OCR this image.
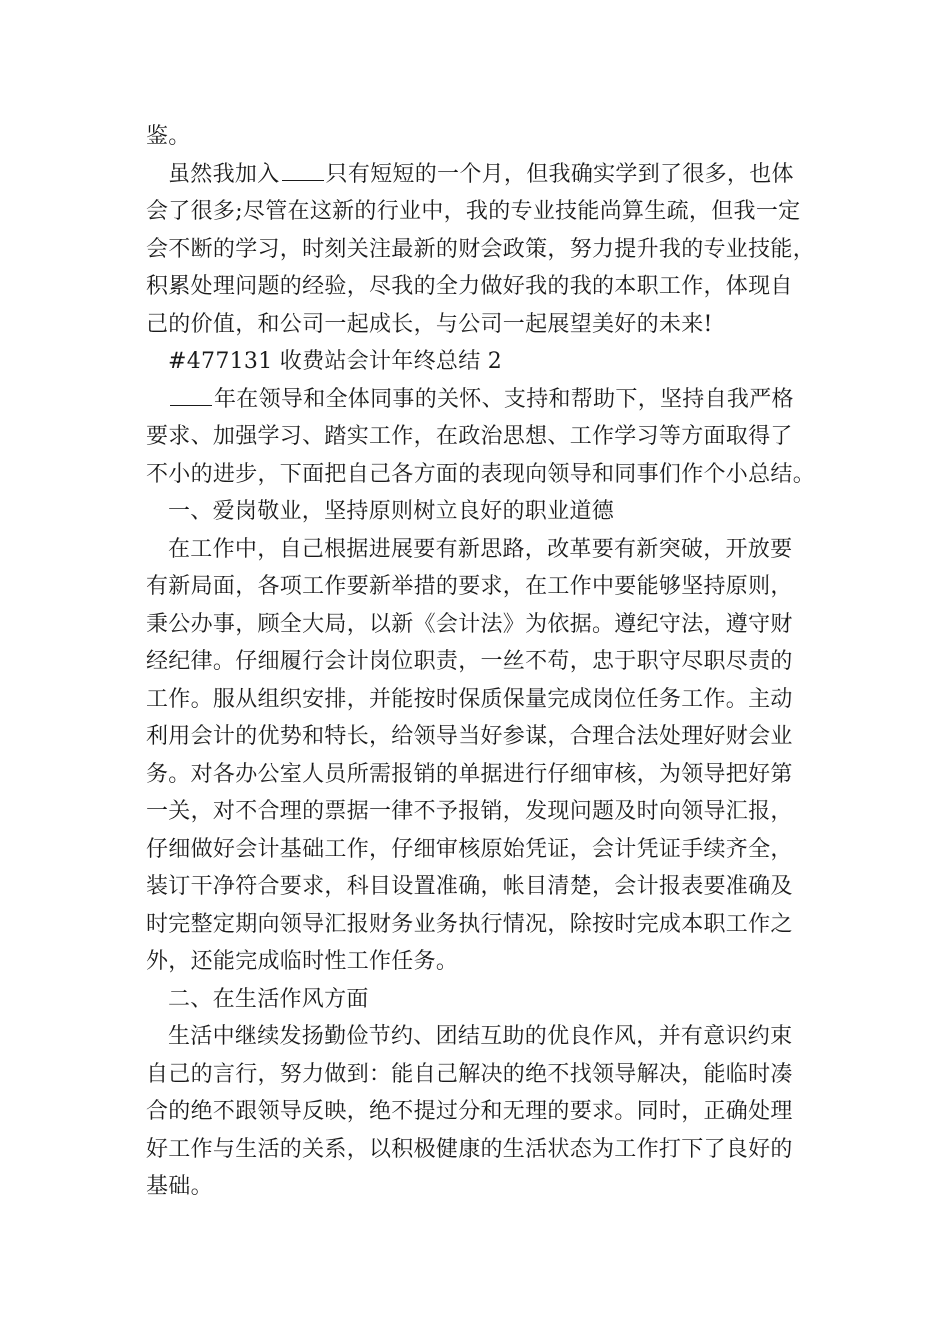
鉴。
虽然我加入 只有短短的一个月，但我确实学到了很多，也体
会了很多;尽管在这新的行业中，我的专业技能尚算生疏，但我一定
会不断的学习，时刻关注最新的财会政策，努力提升我的专业技能，
积累处理问题的经验，尽我的全力做好我的我的本职工作，体现自
己的价值，和公司一起成长，与公司一起展望美好的未来!
#477131 收费站会计年终总结 2
年在领导和全体同事的关怀、支持和帮助下，坚持自我严格
要求、加强学习、踏实工作，在政治思想、工作学习等方面取得了
不小的进步，下面把自己各方面的表现向领导和同事们作个小总结。
一、爱岗敬业，坚持原则树立良好的职业道德
在工作中，自己根据进展要有新思路，改革要有新突破，开放要
有新局面，各项工作要新举措的要求，在工作中要能够坚持原则，
秉公办事，顾全大局，以新《会计法》为依据。遵纪守法，遵守财
经纪律。仔细履行会计岗位职责，一丝不苟，忠于职守尽职尽责的
工作。服从组织安排，并能按时保质保量完成岗位任务工作。主动
利用会计的优势和特长，给领导当好参谋，合理合法处理好财会业
务。对各办公室人员所需报销的单据进行仔细审核，为领导把好第
一关，对不合理的票据一律不予报销，发现问题及时向领导汇报，
仔细做好会计基础工作，仔细审核原始凭证，会计凭证手续齐全，
装订干净符合要求，科目设置准确，帐目清楚，会计报表要准确及
时完整定期向领导汇报财务业务执行情况，除按时完成本职工作之
外，还能完成临时性工作任务。
二、在生活作风方面
生活中继续发扬勤俭节约、团结互助的优良作风，并有意识约束
自己的言行，努力做到：能自己解决的绝不找领导解决，能临时凑
合的绝不跟领导反映，绝不提过分和无理的要求。同时，正确处理
好工作与生活的关系，以积极健康的生活状态为工作打下了良好的
基础。
